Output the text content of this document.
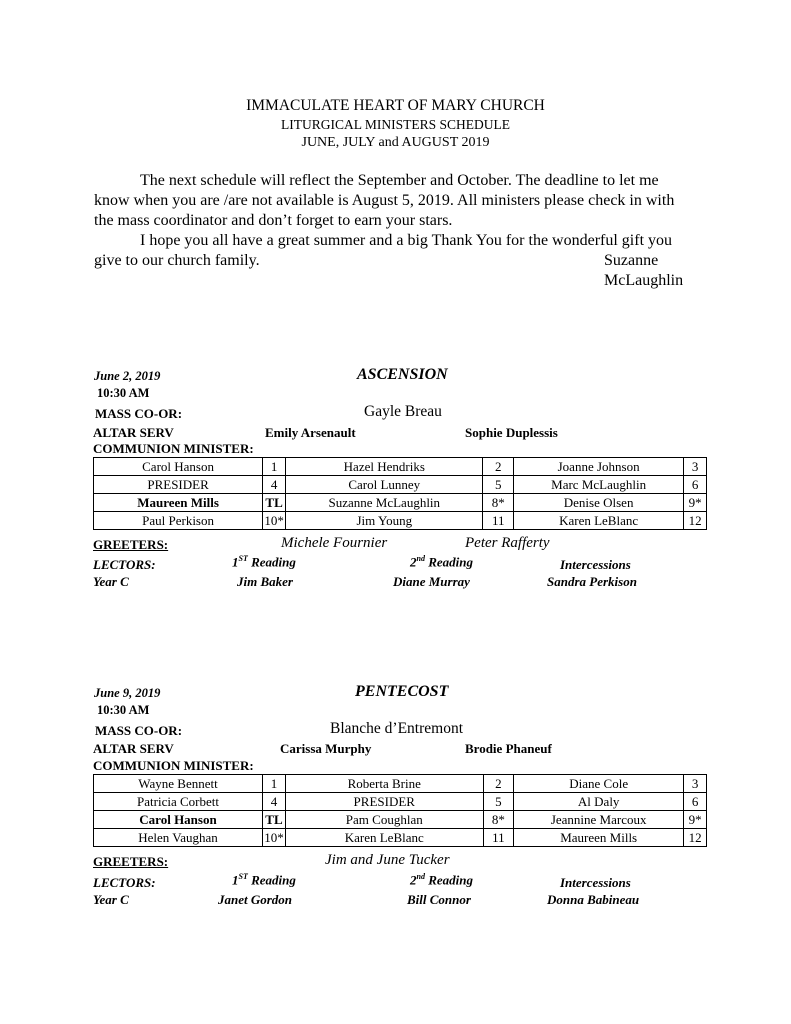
IMMACULATE HEART OF MARY CHURCH
LITURGICAL MINISTERS SCHEDULE
JUNE, JULY and AUGUST 2019

The next schedule will reflect the September and October. The deadline to let me know when you are /are not available is August 5, 2019. All ministers please check in with the mass coordinator and don’t forget to earn your stars.

I hope you all have a great summer and a big Thank You for the wonderful gift you give to our church family.	Suzanne McLaughlin

June 2, 2019	ASCENSION
10:30 AM
MASS CO-OR:	Gayle Breau
ALTAR SERV	Emily Arsenault	Sophie Duplessis
COMMUNION MINISTER:
Carol Hanson	1	Hazel Hendriks	2	Joanne Johnson	3
PRESIDER	4	Carol Lunney	5	Marc McLaughlin	6
Maureen Mills	TL	Suzanne McLaughlin	8*	Denise Olsen	9*
Paul Perkison	10*	Jim Young	11	Karen LeBlanc	12
GREETERS:	Michele Fournier	Peter Rafferty
LECTORS:	1ST Reading	2nd Reading	Intercessions
Year C	Jim Baker	Diane Murray	Sandra Perkison
June 9, 2019	PENTECOST
10:30 AM
MASS CO-OR:	Blanche d’Entremont
ALTAR SERV	Carissa Murphy	Brodie Phaneuf
COMMUNION MINISTER:
Wayne Bennett	1	Roberta Brine	2	Diane Cole	3
Patricia Corbett	4	PRESIDER	5	Al Daly	6
Carol Hanson	TL	Pam Coughlan	8*	Jeannine Marcoux	9*
Helen Vaughan	10*	Karen LeBlanc	11	Maureen Mills	12
GREETERS:	Jim and June Tucker
LECTORS:	1ST Reading	2nd Reading	Intercessions
Year C	Janet Gordon	Bill Connor	Donna Babineau
